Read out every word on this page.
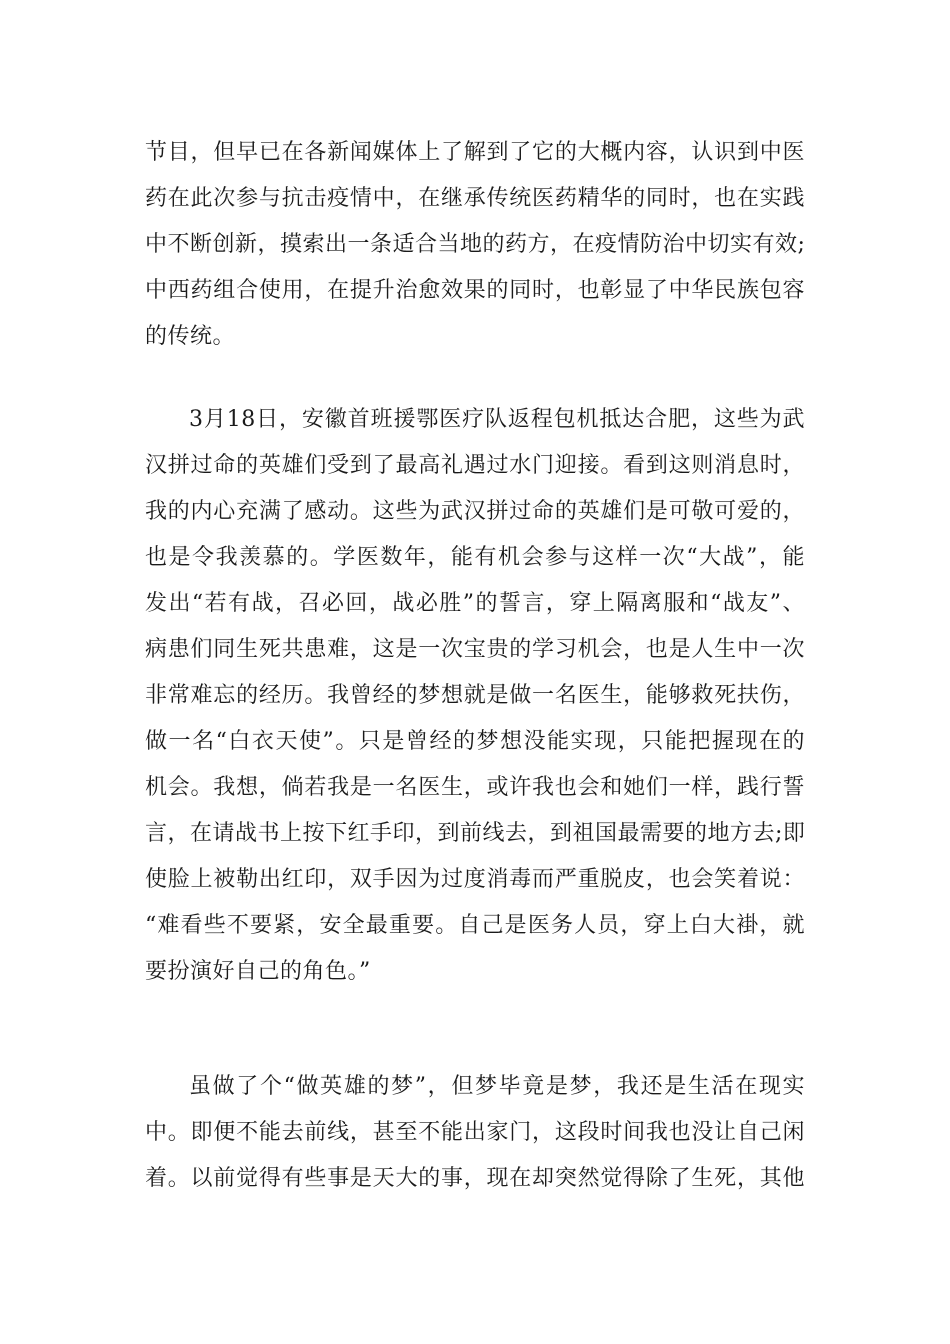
节目，但早已在各新闻媒体上了解到了它的大概内容，认识到中医
药在此次参与抗击疫情中，在继承传统医药精华的同时，也在实践
中不断创新，摸索出一条适合当地的药方，在疫情防治中切实有效;
中西药组合使用，在提升治愈效果的同时，也彰显了中华民族包容
的传统。
3月18日，安徽首班援鄂医疗队返程包机抵达合肥，这些为武
汉拼过命的英雄们受到了最高礼遇过水门迎接。看到这则消息时，
我的内心充满了感动。这些为武汉拼过命的英雄们是可敬可爱的，
也是令我羡慕的。学医数年，能有机会参与这样一次“大战”，能
发出“若有战，召必回，战必胜”的誓言，穿上隔离服和“战友”、
病患们同生死共患难，这是一次宝贵的学习机会，也是人生中一次
非常难忘的经历。我曾经的梦想就是做一名医生，能够救死扶伤，
做一名“白衣天使”。只是曾经的梦想没能实现，只能把握现在的
机会。我想，倘若我是一名医生，或许我也会和她们一样，践行誓
言，在请战书上按下红手印，到前线去，到祖国最需要的地方去;即
使脸上被勒出红印，双手因为过度消毒而严重脱皮，也会笑着说：
“难看些不要紧，安全最重要。自己是医务人员，穿上白大褂，就
要扮演好自己的角色。”
虽做了个“做英雄的梦”，但梦毕竟是梦，我还是生活在现实
中。即便不能去前线，甚至不能出家门，这段时间我也没让自己闲
着。以前觉得有些事是天大的事，现在却突然觉得除了生死，其他
